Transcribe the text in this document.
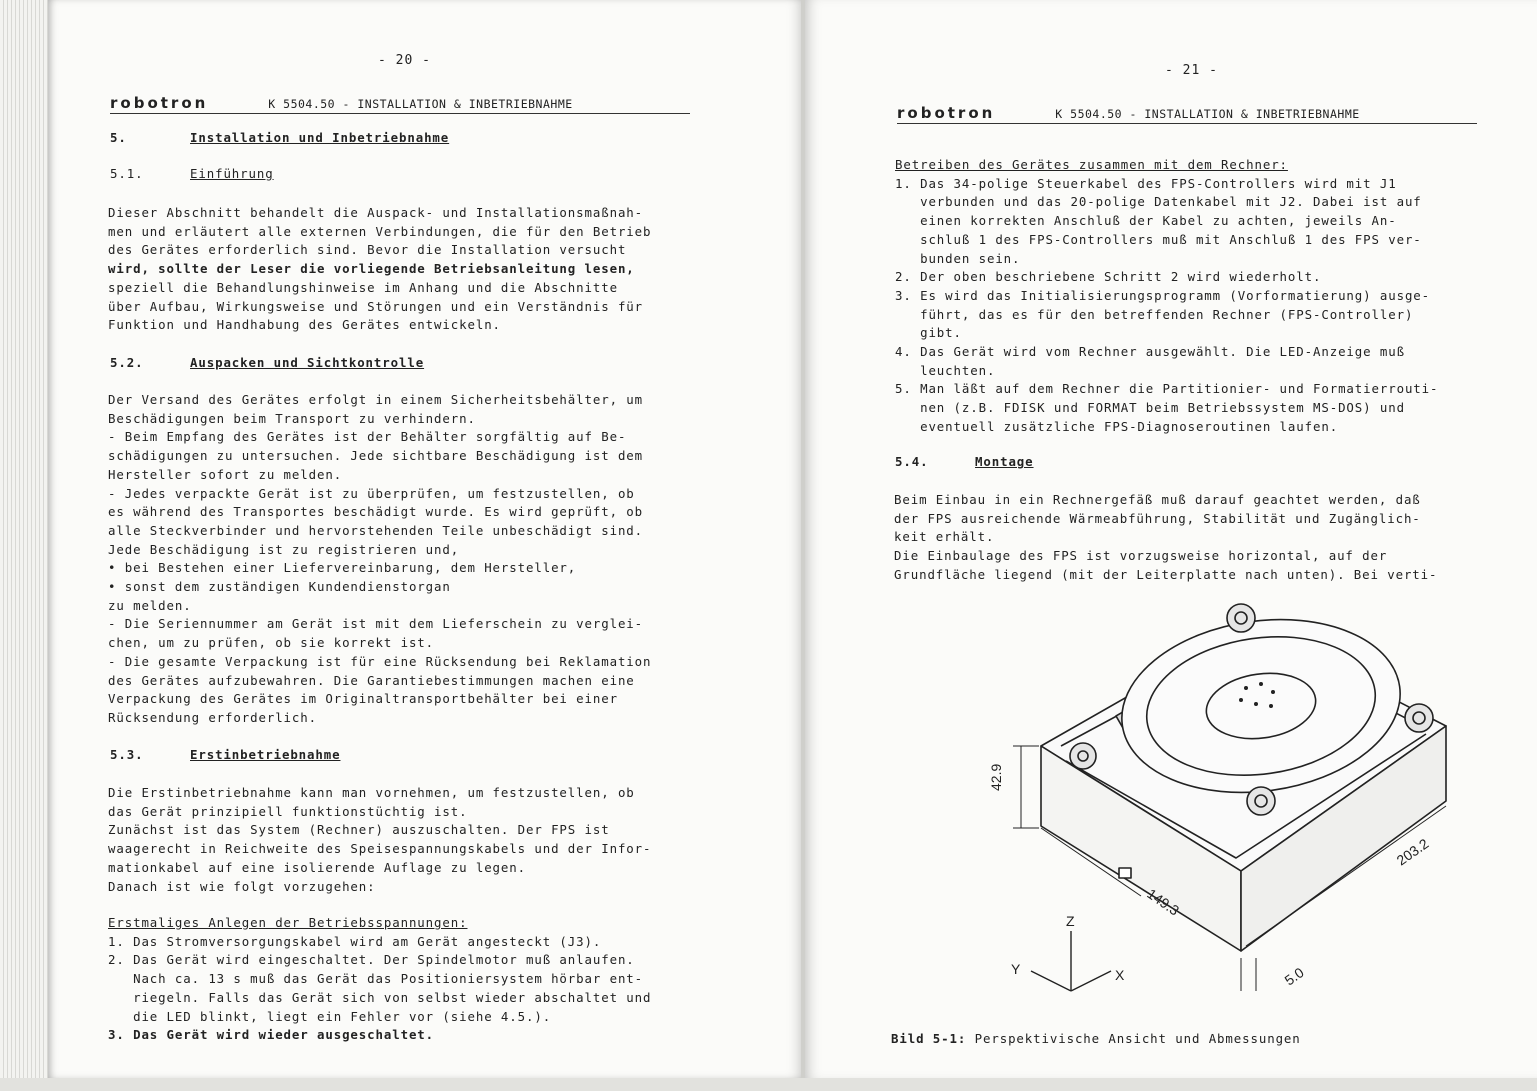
- 20 -
robotron	K 5504.50 - INSTALLATION & INBETRIEBNAHME
5.	Installation und Inbetriebnahme
5.1.	Einführung
Dieser Abschnitt behandelt die Auspack- und Installationsmaßnah-
men und erläutert alle externen Verbindungen, die für den Betrieb
des Gerätes erforderlich sind. Bevor die Installation versucht
wird, sollte der Leser die vorliegende Betriebsanleitung lesen,
speziell die Behandlungshinweise im Anhang und die Abschnitte
über Aufbau, Wirkungsweise und Störungen und ein Verständnis für
Funktion und Handhabung des Gerätes entwickeln.
5.2.	Auspacken und Sichtkontrolle
Der Versand des Gerätes erfolgt in einem Sicherheitsbehälter, um
Beschädigungen beim Transport zu verhindern.
- Beim Empfang des Gerätes ist der Behälter sorgfältig auf Be-
schädigungen zu untersuchen. Jede sichtbare Beschädigung ist dem
Hersteller sofort zu melden.
- Jedes verpackte Gerät ist zu überprüfen, um festzustellen, ob
es während des Transportes beschädigt wurde. Es wird geprüft, ob
alle Steckverbinder und hervorstehenden Teile unbeschädigt sind.
Jede Beschädigung ist zu registrieren und,
• bei Bestehen einer Liefervereinbarung, dem Hersteller,
• sonst dem zuständigen Kundendienstorgan
zu melden.
- Die Seriennummer am Gerät ist mit dem Lieferschein zu verglei-
chen, um zu prüfen, ob sie korrekt ist.
- Die gesamte Verpackung ist für eine Rücksendung bei Reklamation
des Gerätes aufzubewahren. Die Garantiebestimmungen machen eine
Verpackung des Gerätes im Originaltransportbehälter bei einer
Rücksendung erforderlich.
5.3.	Erstinbetriebnahme
Die Erstinbetriebnahme kann man vornehmen, um festzustellen, ob
das Gerät prinzipiell funktionstüchtig ist.
Zunächst ist das System (Rechner) auszuschalten. Der FPS ist
waagerecht in Reichweite des Speisespannungskabels und der Infor-
mationkabel auf eine isolierende Auflage zu legen.
Danach ist wie folgt vorzugehen:
Erstmaliges Anlegen der Betriebsspannungen:
1. Das Stromversorgungskabel wird am Gerät angesteckt (J3).
2. Das Gerät wird eingeschaltet. Der Spindelmotor muß anlaufen.
Nach ca. 13 s muß das Gerät das Positioniersystem hörbar ent-
riegeln. Falls das Gerät sich von selbst wieder abschaltet und
die LED blinkt, liegt ein Fehler vor (siehe 4.5.).
3. Das Gerät wird wieder ausgeschaltet.
- 21 -
robotron	K 5504.50 - INSTALLATION & INBETRIEBNAHME
Betreiben des Gerätes zusammen mit dem Rechner:
1. Das 34-polige Steuerkabel des FPS-Controllers wird mit J1
verbunden und das 20-polige Datenkabel mit J2. Dabei ist auf
einen korrekten Anschluß der Kabel zu achten, jeweils An-
schluß 1 des FPS-Controllers muß mit Anschluß 1 des FPS ver-
bunden sein.
2. Der oben beschriebene Schritt 2 wird wiederholt.
3. Es wird das Initialisierungsprogramm (Vorformatierung) ausge-
führt, das es für den betreffenden Rechner (FPS-Controller)
gibt.
4. Das Gerät wird vom Rechner ausgewählt. Die LED-Anzeige muß
leuchten.
5. Man läßt auf dem Rechner die Partitionier- und Formatierrouti-
nen (z.B. FDISK und FORMAT beim Betriebssystem MS-DOS) und
eventuell zusätzliche FPS-Diagnoseroutinen laufen.
5.4.	Montage
Beim Einbau in ein Rechnergefäß muß darauf geachtet werden, daß
der FPS ausreichende Wärmeabführung, Stabilität und Zugänglich-
keit erhält.
Die Einbaulage des FPS ist vorzugsweise horizontal, auf der
Grundfläche liegend (mit der Leiterplatte nach unten). Bei verti-
42.9
149.3
203.2
5.0
Z
Y	X
Bild 5-1: Perspektivische Ansicht und Abmessungen
